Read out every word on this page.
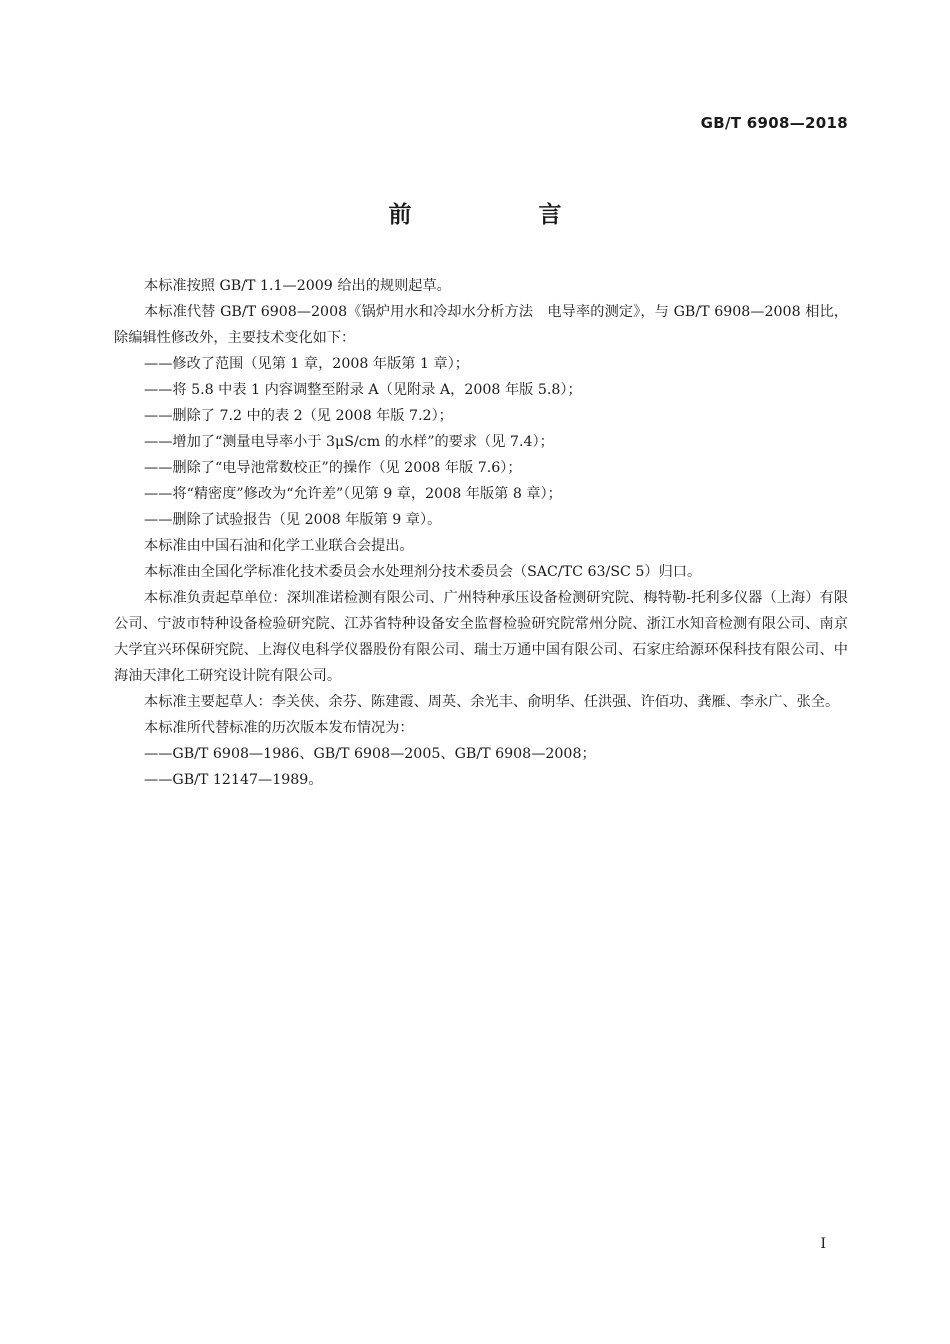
GB/T 6908—2018
前　言

本标准按照 GB/T 1.1—2009 给出的规则起草。

本标准代替 GB/T 6908—2008《锅炉用水和冷却水分析方法　电导率的测定》，与 GB/T 6908—2008 相比，除编辑性修改外，主要技术变化如下：

——修改了范围（见第 1 章，2008 年版第 1 章）；

——将 5.8 中表 1 内容调整至附录 A（见附录 A，2008 年版 5.8）；

——删除了 7.2 中的表 2（见 2008 年版 7.2）；

——增加了“测量电导率小于 3μS/cm 的水样”的要求（见 7.4）；

——删除了“电导池常数校正”的操作（见 2008 年版 7.6）；

——将“精密度”修改为“允许差”（见第 9 章，2008 年版第 8 章）；

——删除了试验报告（见 2008 年版第 9 章）。

本标准由中国石油和化学工业联合会提出。

本标准由全国化学标准化技术委员会水处理剂分技术委员会（SAC/TC 63/SC 5）归口。

本标准负责起草单位：深圳准诺检测有限公司、广州特种承压设备检测研究院、梅特勒-托利多仪器（上海）有限公司、宁波市特种设备检验研究院、江苏省特种设备安全监督检验研究院常州分院、浙江水知音检测有限公司、南京大学宜兴环保研究院、上海仪电科学仪器股份有限公司、瑞士万通中国有限公司、石家庄给源环保科技有限公司、中海油天津化工研究设计院有限公司。

本标准主要起草人：李关侠、余芬、陈建霞、周英、余光丰、俞明华、任洪强、许佰功、龚雁、李永广、张全。

本标准所代替标准的历次版本发布情况为：

——GB/T 6908—1986、GB/T 6908—2005、GB/T 6908—2008；

——GB/T 12147—1989。

I
